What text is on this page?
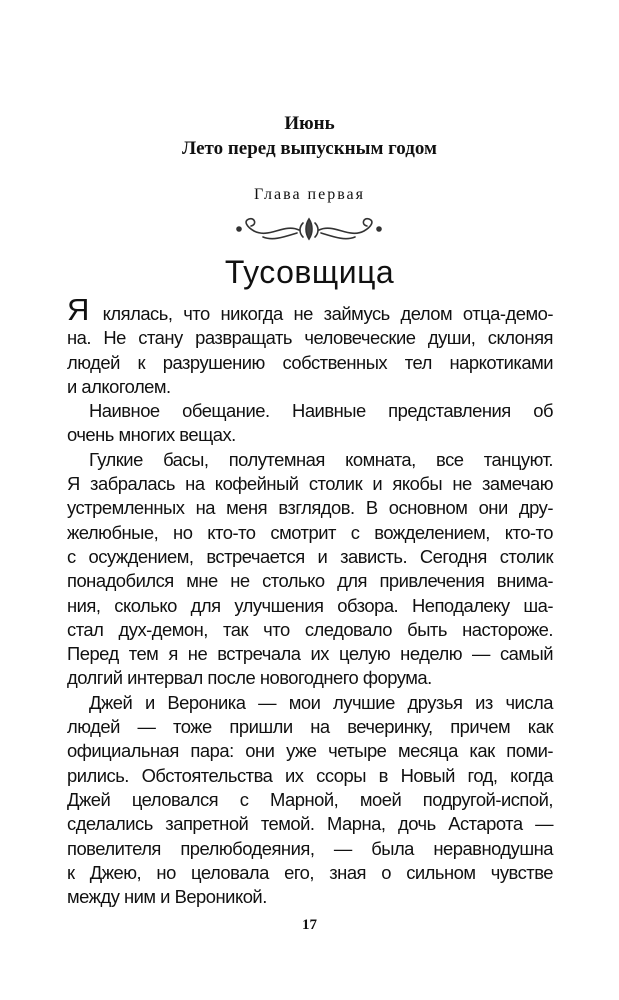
Июнь
Лето перед выпускным годом
Глава первая
Тусовщица

Я клялась, что никогда не займусь делом отца-демо-
на. Не стану развращать человеческие души, склоняя
людей к разрушению собственных тел наркотиками
и алкоголем.

Наивное обещание. Наивные представления об
очень многих вещах.

Гулкие басы, полутемная комната, все танцуют.
Я забралась на кофейный столик и якобы не замечаю
устремленных на меня взглядов. В основном они дру-
желюбные, но кто-то смотрит с вожделением, кто-то
с осуждением, встречается и зависть. Сегодня столик
понадобился мне не столько для привлечения внима-
ния, сколько для улучшения обзора. Неподалеку ша-
стал дух-демон, так что следовало быть настороже.
Перед тем я не встречала их целую неделю — самый
долгий интервал после новогоднего форума.

Джей и Вероника — мои лучшие друзья из числа
людей — тоже пришли на вечеринку, причем как
официальная пара: они уже четыре месяца как поми-
рились. Обстоятельства их ссоры в Новый год, когда
Джей целовался с Марной, моей подругой-испой,
сделались запретной темой. Марна, дочь Астарота —
повелителя прелюбодеяния, — была неравнодушна
к Джею, но целовала его, зная о сильном чувстве
между ним и Вероникой.

17
